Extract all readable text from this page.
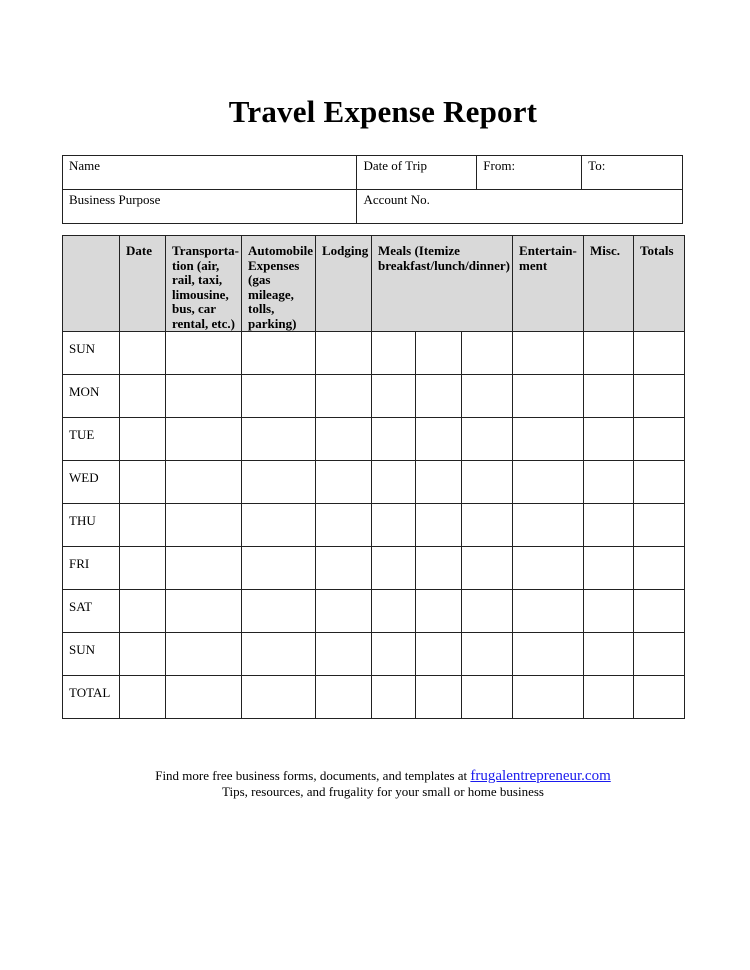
Travel Expense Report
Name	Date of Trip	From:	To:
Business Purpose	Account No.		
	Date	Transporta-tion (air, rail, taxi, limousine, bus, car rental, etc.)	Automobile Expenses (gas mileage, tolls, parking)	Lodging	Meals (Itemize breakfast/lunch/dinner)			Entertain-ment	Misc.	Totals
SUN										
MON										
TUE										
WED										
THU										
FRI										
SAT										
SUN										
TOTAL										
Find more free business forms, documents, and templates at frugalentrepreneur.com
Tips, resources, and frugality for your small or home business
